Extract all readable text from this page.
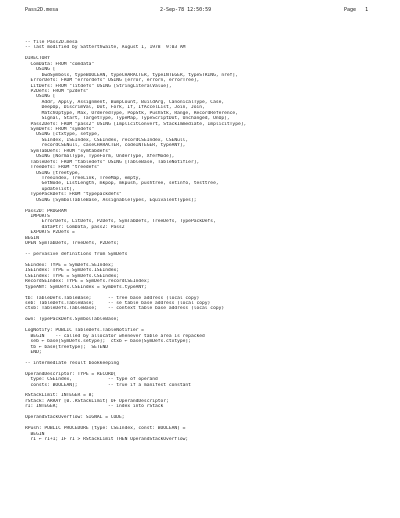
Pass2D.mesa	2-Sep-78 12:50:59	Page   1
-- file Pass2D.mesa
-- last modified by Satterthwaite, August 1, 1978  9:03 AM
DIRECTORY
ComData: FROM "comdata"
USING [
bwdSymbols, typeBOOLEAN, typeCHARACTER, typeINTEGER, typeSTRING, nref],
ErrorDefs: FROM "errordefs" USING [error, errorn, errorTree],
LitDefs: FROM "litdefs" USING [StringLiteralValue],
P2Defs: FROM "p2defs"
USING [
Addr, Apply, Assignment, BumpCount, BuildArg, CanonicalType, Case,
DeepOp, DiscrimVal, Dot, Fork, If, IfAccelList, Join, Join,
MatchOptype, Max, OrderedType, PopStk, PushStk, Range, RecordReference,
Signal, Start, TargetType, TypeMap, TypeScriptDot, Unchanged, UnOp],
Pass2Defs: FROM "pass2" USING [ImplicitConvert, StackImmediate, ImplicitType],
SymDefs: FROM "symdefs"
USING [ctxtype, setype,
SEIndex, ISEIndex, CSEIndex, recordCSEIndex, CSENull,
recordCSENull, caseCHARACTER, codeINTEGER, typeANY],
SymTabDefs: FROM "symtabdefs"
USING [NormalType, TypeForm, UnderType, XferMode],
TableDefs: FROM "tabledefs" USING [TableBase, TableNotifier],
TreeDefs: FROM "treedefs"
USING [treetype,
TreeIndex, TreeLink, TreeMap, empty,
GetNode, ListLength, mkpop, mkpush, pushtree, setinfo, testtree,
updatelist],
TypePackDefs: FROM "typepackdefs"
USING [SymbolTableBase, AssignableTypes, EquivalentTypes];
Pass2D: PROGRAM
IMPORTS
ErrorDefs, LitDefs, P2Defs, SymTabDefs, TreeDefs, TypePackDefs,
dataPtr: ComData, pass2: Pass2
EXPORTS P2Defs =
BEGIN
OPEN SymTabDefs, TreeDefs, P2Defs;
-- pervasive definitions from SymDefs
SEIndex: TYPE = SymDefs.SEIndex;
ISEIndex: TYPE = SymDefs.ISEIndex;
CSEIndex: TYPE = SymDefs.CSEIndex;
RecordSEIndex: TYPE = SymDefs.recordCSEIndex;
typeANY: SymDefs.CSEIndex = SymDefs.typeANY;
tb: TableDefs.TableBase;      -- tree base address (local copy)
seb: TableDefs.TableBase;     -- se table base address (local copy)
ctxb: TableDefs.TableBase;    -- context table base address (local copy)
own: TypePackDefs.SymbolTableBase;
LogNotify: PUBLIC TableDefs.TableNotifier =
BEGIN    -- called by allocator whenever table area is repacked
seb ← base[SymDefs.setype];  ctxb ← base[SymDefs.ctxtype];
tb ← base[treetype];  SETEND
END;
-- intermediate result bookkeeping
OperandDescriptor: TYPE = RECORD[
type: CSEIndex,             -- type of operand
consts: BOOLEAN];           -- true if a manifest constant
RStackLimit: INTEGER = 8;
rStack: ARRAY [0..RStackLimit] OF OperandDescriptor;
rI: INTEGER;                  -- index into rStack
OperandStackOverflow: SIGNAL = CODE;
RPush: PUBLIC PROCEDURE [type: CSEIndex, const: BOOLEAN] =
BEGIN
rI ← rI+1; IF rI > RStackLimit THEN OperandStackOverflow;
